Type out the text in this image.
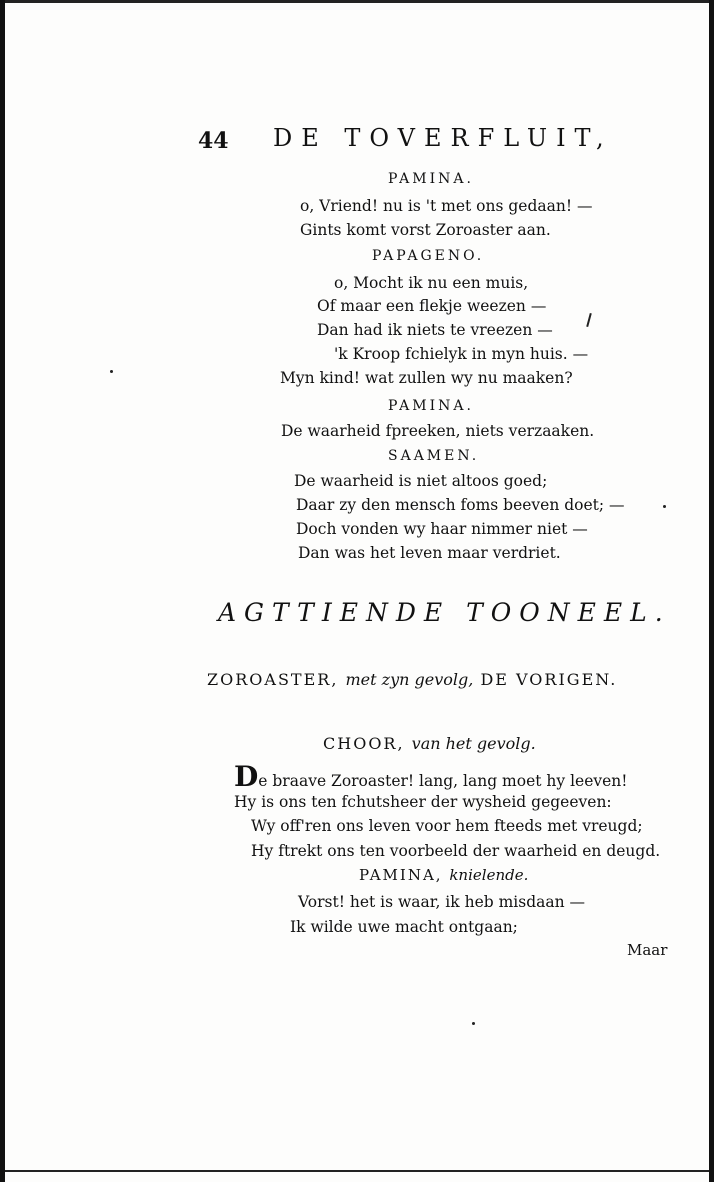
44 DE TOVERFLUIT,
PAMINA.
o, Vriend! nu is 't met ons gedaan! —
Gints komt vorst Zoroaster aan.
PAPAGENO.
o, Mocht ik nu een muis,
Of maar een flekje weezen —
Dan had ik niets te vreezen —
'k Kroop fchielyk in myn huis. —
Myn kind! wat zullen wy nu maaken?
PAMINA.
De waarheid fpreeken, niets verzaaken.
SAAMEN.
De waarheid is niet altoos goed;
Daar zy den mensch foms beeven doet; —
Doch vonden wy haar nimmer niet —
Dan was het leven maar verdriet.
AGTTIENDE TOONEEL.
ZOROASTER, met zyn gevolg, DE VORIGEN.
CHOOR, van het gevolg.
De braave Zoroaster! lang, lang moet hy leeven!
Hy is ons ten fchutsheer der wysheid gegeeven:
Wy off'ren ons leven voor hem fteeds met vreugd;
Hy ftrekt ons ten voorbeeld der waarheid en deugd.
PAMINA, knielende.
Vorst! het is waar, ik heb misdaan —
Ik wilde uwe macht ontgaan;
Maar
